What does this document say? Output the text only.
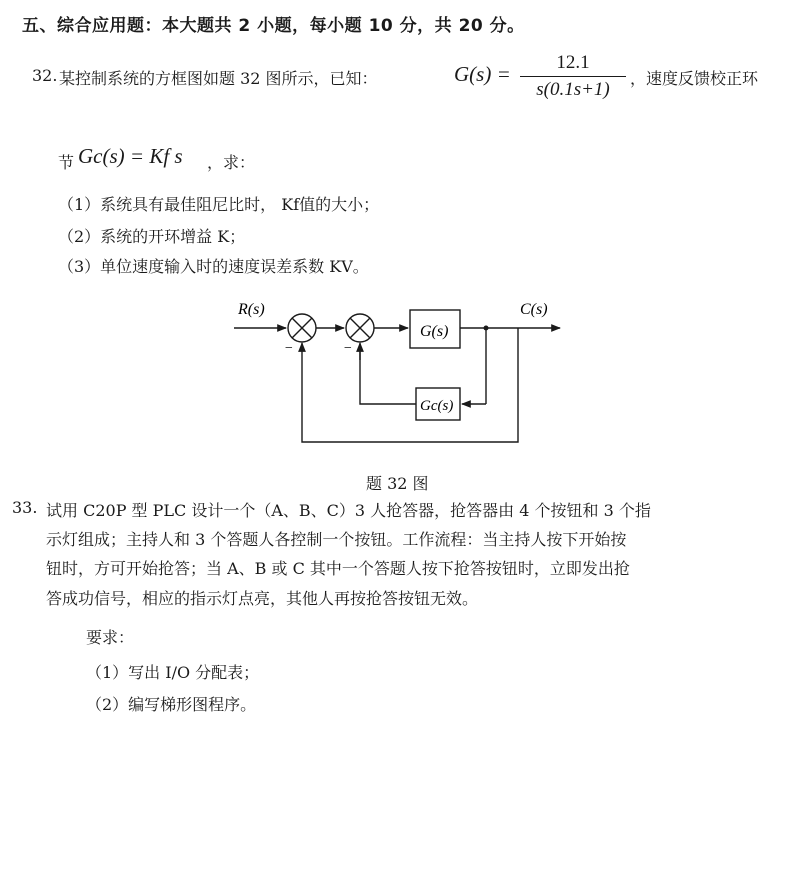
五、综合应用题：本大题共 2 小题，每小题 10 分，共 20 分。
32. 某控制系统的方框图如题 32 图所示，已知：	G(s) =	12.1
s(0.1s+1)
，速度反馈校正环
节 Gc(s) = Kf s ，求：
（1）系统具有最佳阻尼比时， Kf值的大小；
（2）系统的开环增益 K；
（3）单位速度输入时的速度误差系数 KV。
R(s)	C(s)
G(s)
Gc(s)
−	−
题 32 图
33. 试用 C20P 型 PLC 设计一个（A、B、C）3 人抢答器，抢答器由 4 个按钮和 3 个指
示灯组成；主持人和 3 个答题人各控制一个按钮。工作流程：当主持人按下开始按
钮时，方可开始抢答；当 A、B 或 C 其中一个答题人按下抢答按钮时，立即发出抢
答成功信号，相应的指示灯点亮，其他人再按抢答按钮无效。
要求：
（1）写出 I/O 分配表；
（2）编写梯形图程序。
